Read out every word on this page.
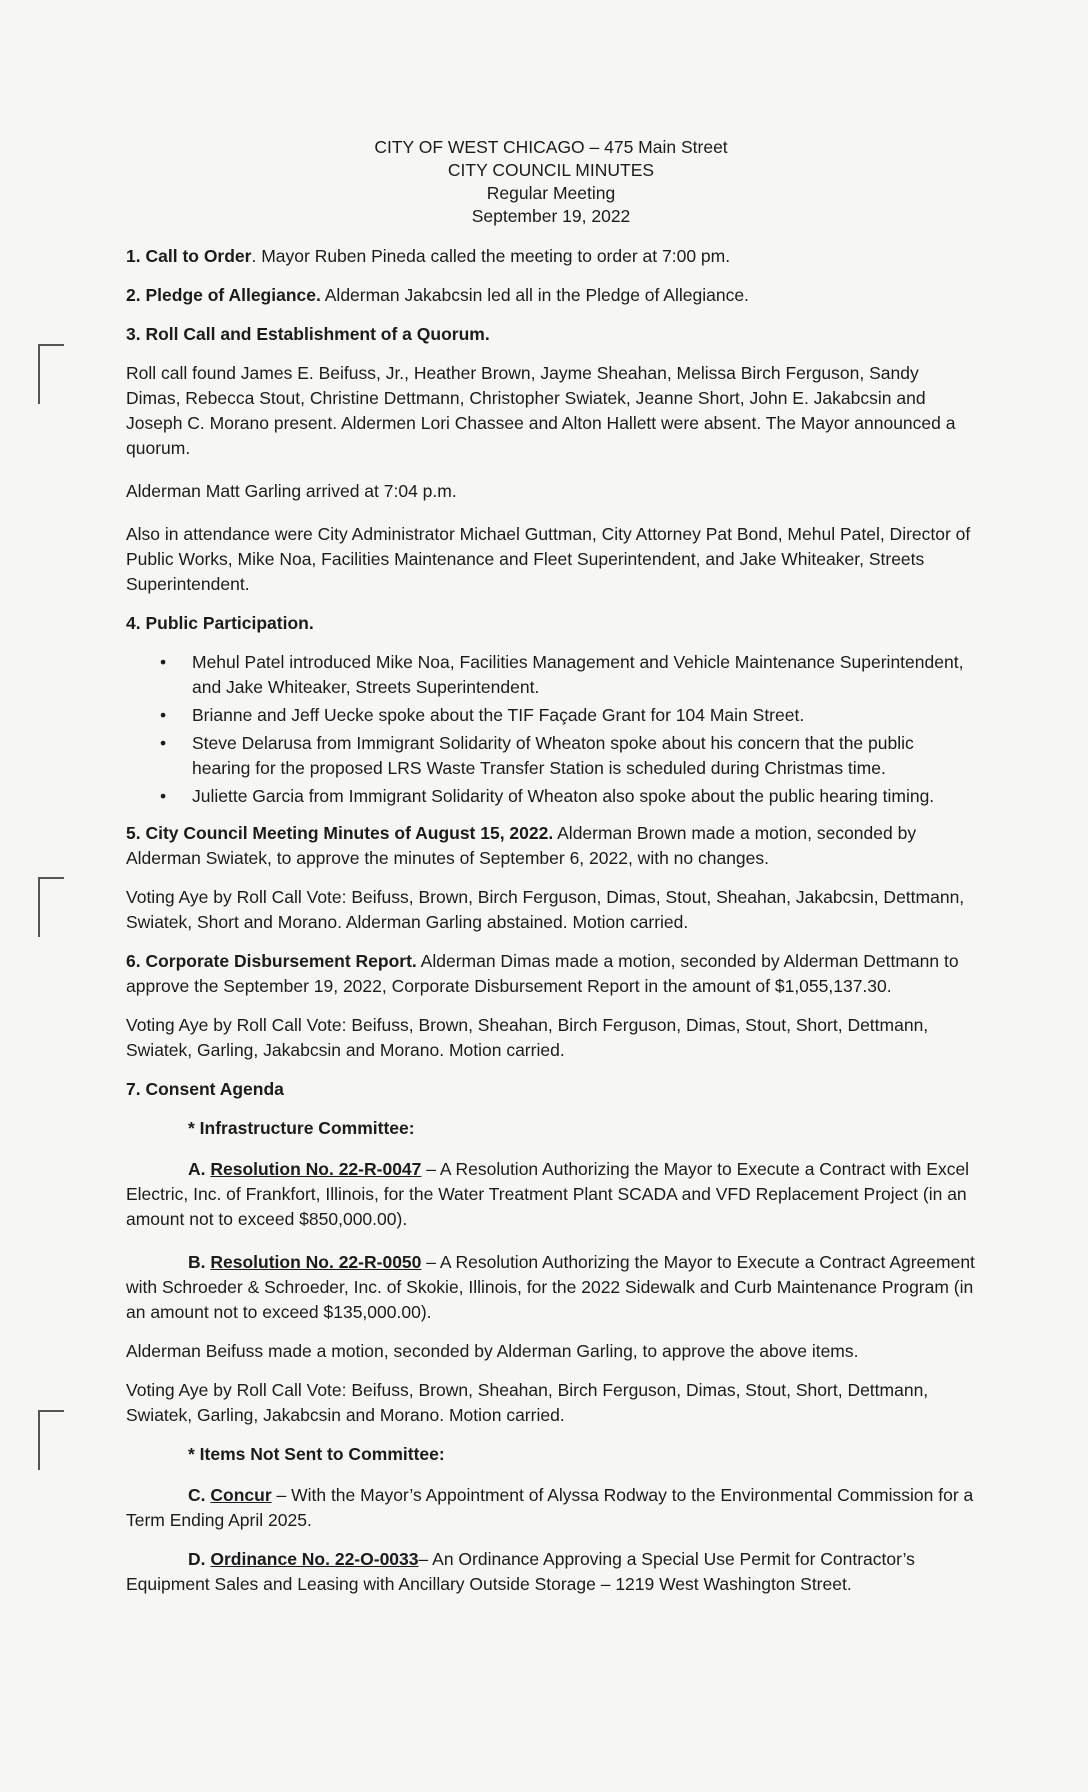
CITY OF WEST CHICAGO – 475 Main Street
CITY COUNCIL MINUTES
Regular Meeting
September 19, 2022

1. Call to Order. Mayor Ruben Pineda called the meeting to order at 7:00 pm.

2. Pledge of Allegiance. Alderman Jakabcsin led all in the Pledge of Allegiance.

3. Roll Call and Establishment of a Quorum.

Roll call found James E. Beifuss, Jr., Heather Brown, Jayme Sheahan, Melissa Birch Ferguson, Sandy Dimas, Rebecca Stout, Christine Dettmann, Christopher Swiatek, Jeanne Short, John E. Jakabcsin and Joseph C. Morano present. Aldermen Lori Chassee and Alton Hallett were absent. The Mayor announced a quorum.

Alderman Matt Garling arrived at 7:04 p.m.

Also in attendance were City Administrator Michael Guttman, City Attorney Pat Bond, Mehul Patel, Director of Public Works, Mike Noa, Facilities Maintenance and Fleet Superintendent, and Jake Whiteaker, Streets Superintendent.

4. Public Participation.

• Mehul Patel introduced Mike Noa, Facilities Management and Vehicle Maintenance Superintendent, and Jake Whiteaker, Streets Superintendent.
• Brianne and Jeff Uecke spoke about the TIF Façade Grant for 104 Main Street.
• Steve Delarusa from Immigrant Solidarity of Wheaton spoke about his concern that the public hearing for the proposed LRS Waste Transfer Station is scheduled during Christmas time.
• Juliette Garcia from Immigrant Solidarity of Wheaton also spoke about the public hearing timing.

5. City Council Meeting Minutes of August 15, 2022. Alderman Brown made a motion, seconded by Alderman Swiatek, to approve the minutes of September 6, 2022, with no changes.

Voting Aye by Roll Call Vote: Beifuss, Brown, Birch Ferguson, Dimas, Stout, Sheahan, Jakabcsin, Dettmann, Swiatek, Short and Morano. Alderman Garling abstained. Motion carried.

6. Corporate Disbursement Report. Alderman Dimas made a motion, seconded by Alderman Dettmann to approve the September 19, 2022, Corporate Disbursement Report in the amount of $1,055,137.30.

Voting Aye by Roll Call Vote: Beifuss, Brown, Sheahan, Birch Ferguson, Dimas, Stout, Short, Dettmann, Swiatek, Garling, Jakabcsin and Morano. Motion carried.

7. Consent Agenda

* Infrastructure Committee:

A. Resolution No. 22-R-0047 – A Resolution Authorizing the Mayor to Execute a Contract with Excel Electric, Inc. of Frankfort, Illinois, for the Water Treatment Plant SCADA and VFD Replacement Project (in an amount not to exceed $850,000.00).

B. Resolution No. 22-R-0050 – A Resolution Authorizing the Mayor to Execute a Contract Agreement with Schroeder & Schroeder, Inc. of Skokie, Illinois, for the 2022 Sidewalk and Curb Maintenance Program (in an amount not to exceed $135,000.00).

Alderman Beifuss made a motion, seconded by Alderman Garling, to approve the above items.

Voting Aye by Roll Call Vote: Beifuss, Brown, Sheahan, Birch Ferguson, Dimas, Stout, Short, Dettmann, Swiatek, Garling, Jakabcsin and Morano. Motion carried.

* Items Not Sent to Committee:

C. Concur – With the Mayor’s Appointment of Alyssa Rodway to the Environmental Commission for a Term Ending April 2025.

D. Ordinance No. 22-O-0033– An Ordinance Approving a Special Use Permit for Contractor’s Equipment Sales and Leasing with Ancillary Outside Storage – 1219 West Washington Street.
